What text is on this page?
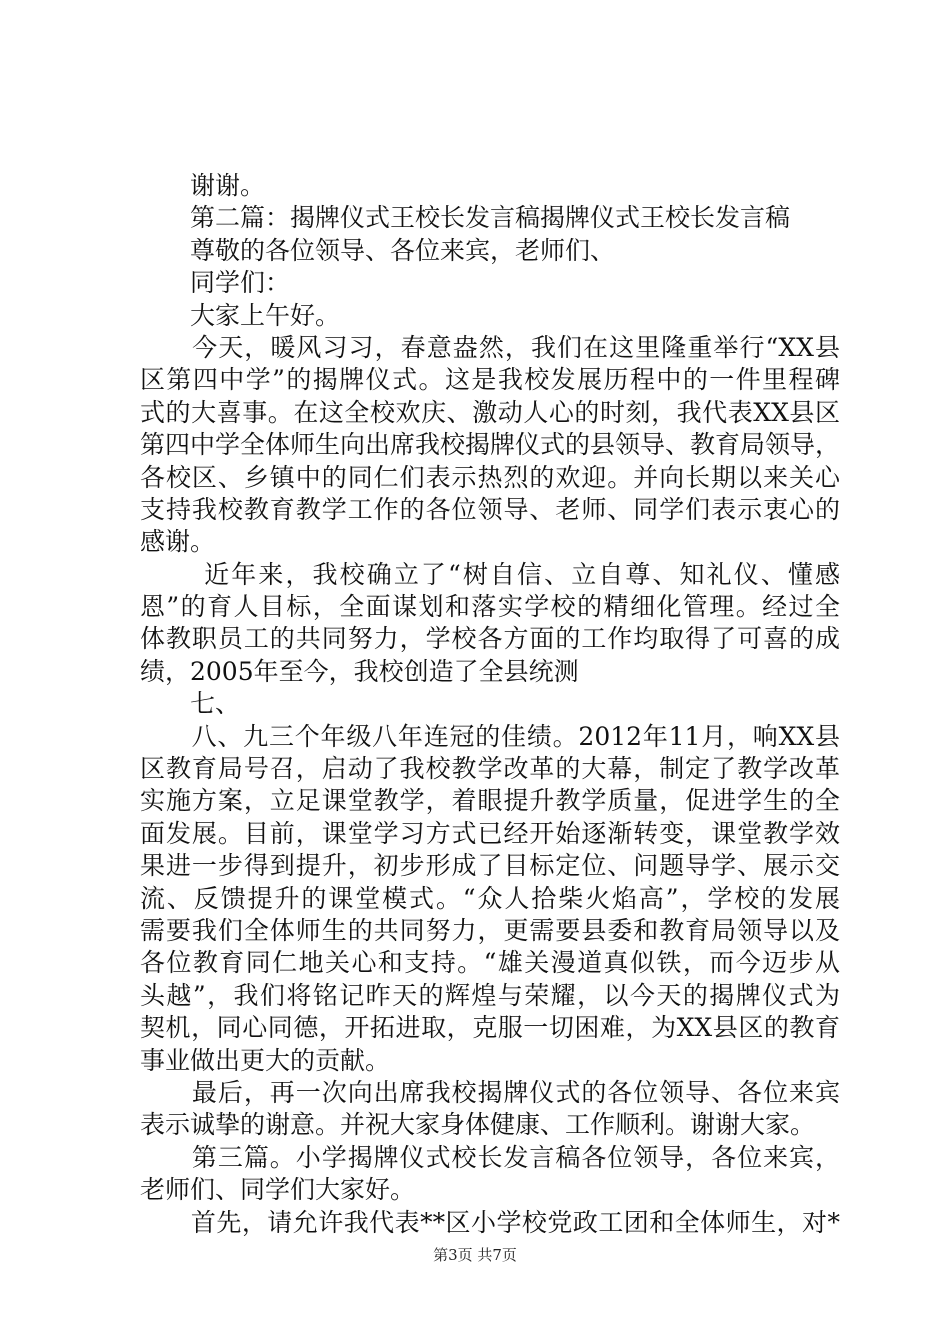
　　谢谢。
　　第二篇：揭牌仪式王校长发言稿揭牌仪式王校长发言稿
　　尊敬的各位领导、各位来宾，老师们、
　　同学们：
　　大家上午好。
　　今天，暖风习习，春意盎然，我们在这里隆重举行“XX县
区第四中学”的揭牌仪式。这是我校发展历程中的一件里程碑
式的大喜事。在这全校欢庆、激动人心的时刻，我代表XX县区
第四中学全体师生向出席我校揭牌仪式的县领导、教育局领导，
各校区、乡镇中的同仁们表示热烈的欢迎。并向长期以来关心
支持我校教育教学工作的各位领导、老师、同学们表示衷心的
感谢。
　　 近年来，我校确立了“树自信、立自尊、知礼仪、懂感
恩”的育人目标，全面谋划和落实学校的精细化管理。经过全
体教职员工的共同努力，学校各方面的工作均取得了可喜的成
绩，2005年至今，我校创造了全县统测
　　七、
　　八、九三个年级八年连冠的佳绩。2012年11月，响XX县
区教育局号召，启动了我校教学改革的大幕，制定了教学改革
实施方案，立足课堂教学，着眼提升教学质量，促进学生的全
面发展。目前，课堂学习方式已经开始逐渐转变，课堂教学效
果进一步得到提升，初步形成了目标定位、问题导学、展示交
流、反馈提升的课堂模式。“众人拾柴火焰高”，学校的发展
需要我们全体师生的共同努力，更需要县委和教育局领导以及
各位教育同仁地关心和支持。“雄关漫道真似铁，而今迈步从
头越”，我们将铭记昨天的辉煌与荣耀，以今天的揭牌仪式为
契机，同心同德，开拓进取，克服一切困难，为XX县区的教育
事业做出更大的贡献。
　　最后，再一次向出席我校揭牌仪式的各位领导、各位来宾
表示诚挚的谢意。并祝大家身体健康、工作顺利。谢谢大家。
　　第三篇。小学揭牌仪式校长发言稿各位领导，各位来宾，
老师们、同学们大家好。
　　首先，请允许我代表**区小学校党政工团和全体师生，对*
第3页 共7页
